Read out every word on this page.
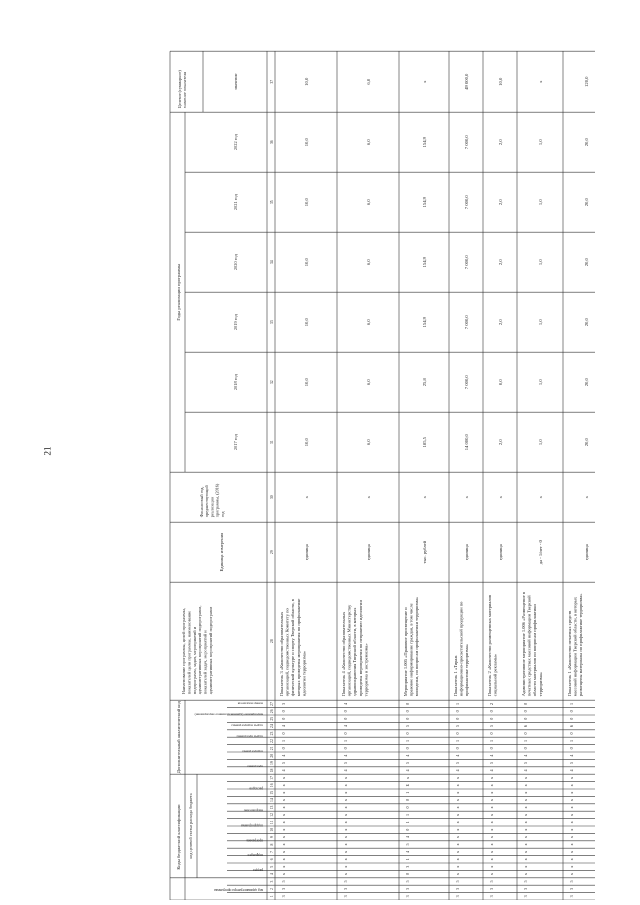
21
Коды бюджетной классификации код целевой статьи расхода бюджета
Дополнительный аналитический код
код администратора программы
раздел
подраздел
программа
подпрограмма
направление
расходов
программа
подпрограмма
задача программы
задача подпрограммы
мероприятие (административное мероприятие)
номер показателя
Наименование программы, целей программы, показателей цели программы, наименование подпрограмм, задач, мероприятий и административных мероприятий подпрограмм, показателей задач, мероприятий и административных мероприятий подпрограмм
Единица измерения
Финансовый год, предшествующий реализации программы, (2016) год
Годы реализации программы
2017 год
2018 год
2019 год
2020 год
2021 год
2022 год
Целевое (суммарное) значение показателя	значение
1
2
3
4
5
6
7
8
9
10
11
12
13
14
15
16
17
18
19
20
21
22
23
24
25
26
27
28
29
30
31
32
33
34
35
36
37
3
3
5
х
х
х
х
х
х
х
х
х
х
х
х
х
х
4
5
4
0
1
0
4
0
0
3
Показатель 3 «Количество образовательных организаций, подведомственных Комитету по физической культуре и спорту Тверской области, в которых проведены мероприятия по профилактике идеологии терроризма»
единица
х
10,0
10,0
10,0
10,0
10,0
10,0
10,0
3
3
5
х
х
х
х
х
х
х
х
х
х
х
х
х
х
4
5
4
0
1
0
4
0
0
4
Показатель 4 «Количество образовательных организаций, подведомственных Министерству здравоохранения Тверской области, в которых проведены мероприятия по неприятию идеологии терроризма и экстремизма»
единица
х
6,0
6,0
6,0
6,0
6,0
6,0
6,0
3
3
5
0
3
1
4
5
4
0
1
1
0
0
1
Б
х
4
5
4
0
1
0
5
0
0
0
Мероприятие 1.005 «Правовое просвещение и правовое информирование граждан, в том числе молодежи, по вопросам профилактики терроризма»
тыс. рублей
х
185,5
25,8
154,9
154,9
154,9
154,9
х
3
3
5
х
х
х
х
х
х
х
х
х
х
х
х
х
х
4
5
4
0
1
0
5
0
0
1
Показатель 1 «Тираж информационно-просветительской продукции по профилактике терроризма»
единица
х
14 000,0
7 000,0
7 000,0
7 000,0
7 000,0
7 000,0
49 000,0
3
3
5
х
х
х
х
х
х
х
х
х
х
х
х
х
х
4
5
4
0
1
0
5
0
0
2
Показатель 2 «Количество размещенных материалов социальной рекламы»
единица
х
2,0
0,0
2,0
2,0
2,0
2,0
10,0
3
3
5
х
х
х
х
х
х
х
х
х
х
х
х
х
х
4
5
4
0
1
0
6
0
0
0
Административное мероприятие 1.006 «Размещение в печатных средствах массовой информации Тверской области материалов по вопросам профилактики терроризма»
да - 1/нет - 0
х
1,0
1,0
1,0
1,0
1,0
1,0
х
3
3
5
х
х
х
х
х
х
х
х
х
х
х
х
х
х
4
5
4
0
1
0
6
0
0
1
Показатель 1 «Количество печатных средств массовой информации Тверской области, в которых размещены материалы по профилактике терроризма»
единица
х
20,0
20,0
20,0
20,0
20,0
20,0
120,0
